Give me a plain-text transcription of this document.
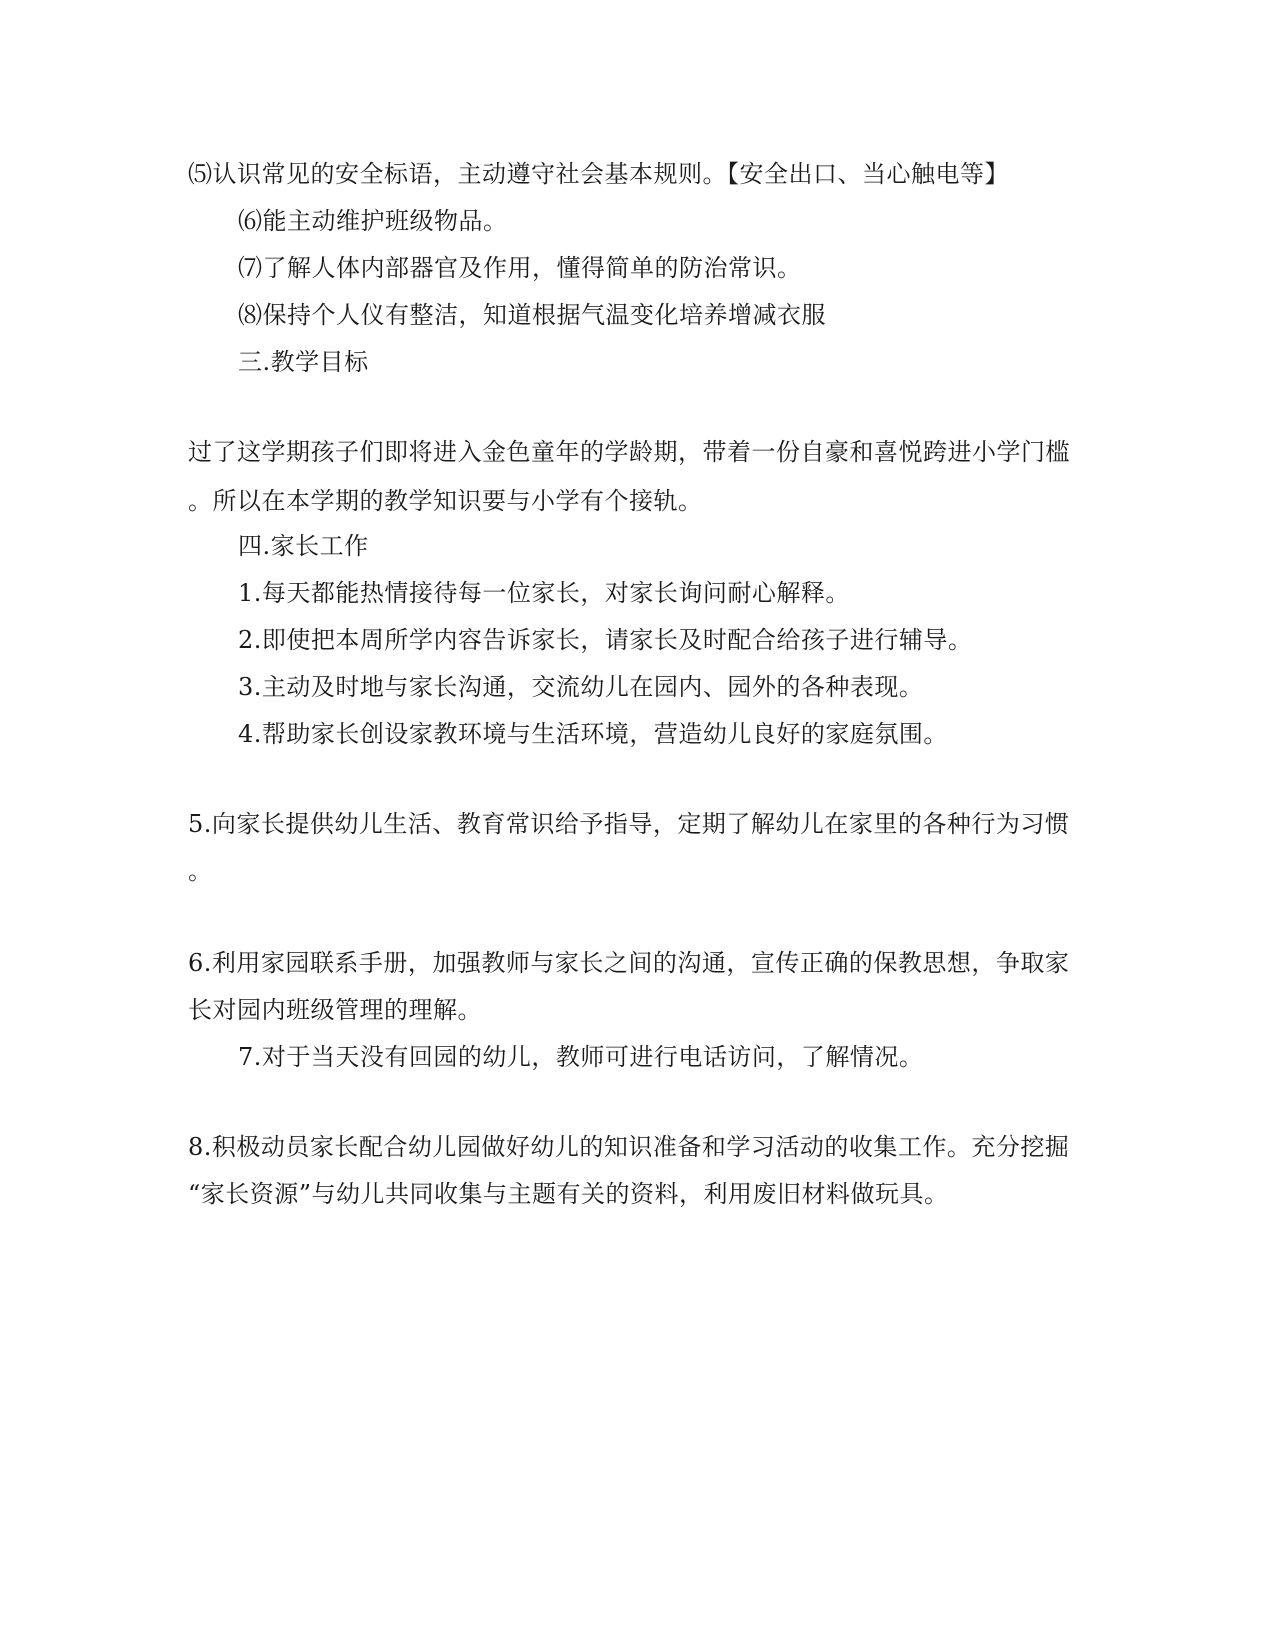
⑸认识常见的安全标语，主动遵守社会基本规则。【安全出口、当心触电等】
⑹能主动维护班级物品。
⑺了解人体内部器官及作用，懂得简单的防治常识。
⑻保持个人仪有整洁，知道根据气温变化培养增减衣服
三.教学目标
过了这学期孩子们即将进入金色童年的学龄期，带着一份自豪和喜悦跨进小学门槛
。所以在本学期的教学知识要与小学有个接轨。
四.家长工作
1.每天都能热情接待每一位家长，对家长询问耐心解释。
2.即使把本周所学内容告诉家长，请家长及时配合给孩子进行辅导。
3.主动及时地与家长沟通，交流幼儿在园内、园外的各种表现。
4.帮助家长创设家教环境与生活环境，营造幼儿良好的家庭氛围。
5.向家长提供幼儿生活、教育常识给予指导，定期了解幼儿在家里的各种行为习惯
。
6.利用家园联系手册，加强教师与家长之间的沟通，宣传正确的保教思想，争取家
长对园内班级管理的理解。
7.对于当天没有回园的幼儿，教师可进行电话访问，了解情况。
8.积极动员家长配合幼儿园做好幼儿的知识准备和学习活动的收集工作。充分挖掘
“家长资源”与幼儿共同收集与主题有关的资料，利用废旧材料做玩具。
